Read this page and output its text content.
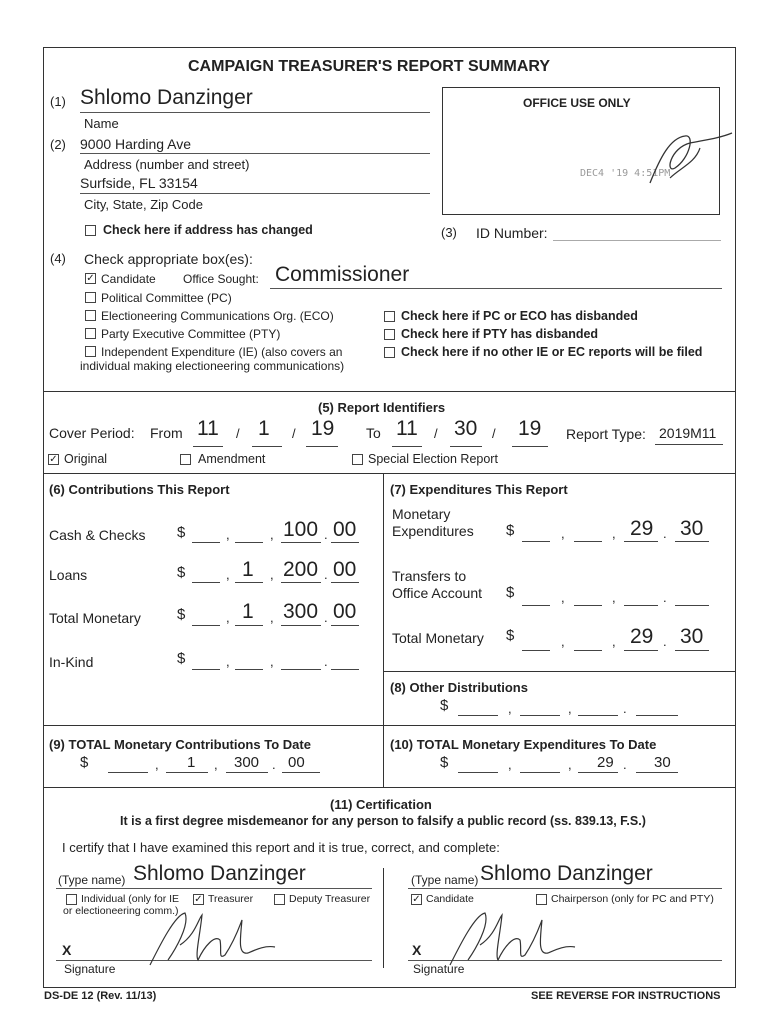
CAMPAIGN TREASURER'S REPORT SUMMARY
(1) Shlomo Danzinger
Name
(2) 9000 Harding Ave
Address (number and street)
Surfside, FL 33154
City, State, Zip Code
Check here if address has changed
OFFICE USE ONLY
DEC4 '19 4:51PM
(3) ID Number:
(4) Check appropriate box(es):
✓ Candidate Office Sought: Commissioner
Political Committee (PC)
Electioneering Communications Org. (ECO)
Party Executive Committee (PTY)
Independent Expenditure (IE) (also covers an
individual making electioneering communications)
Check here if PC or ECO has disbanded
Check here if PTY has disbanded
Check here if no other IE or EC reports will be filed
(5) Report Identifiers
Cover Period: From 11 / 1 / 19 To 11 / 30 / 19 Report Type: 2019M11
✓ Original	Amendment	Special Election Report
(6) Contributions This Report
Cash & Checks $	,	, 100 . 00
Loans	$	, 1 , 200 . 00
Total Monetary $	, 1 , 300 . 00
In-Kind	$	,	,	.
(7) Expenditures This Report
Monetary
Expenditures $	,	, 29 . 30
Transfers to
Office Account $	,	,	.
Total Monetary $	,	, 29 . 30
(8) Other Distributions
$	,	,	.
(9) TOTAL Monetary Contributions To Date
$	, 1 , 300 . 00
(10) TOTAL Monetary Expenditures To Date
$	,	, 29 . 30
(11) Certification
It is a first degree misdemeanor for any person to falsify a public record (ss. 839.13, F.S.)
I certify that I have examined this report and it is true, correct, and complete:
(Type name) Shlomo Danzinger
Individual (only for IE
or electioneering comm.)
✓ Treasurer	Deputy Treasurer
X
Signature
(Type name) Shlomo Danzinger
✓ Candidate	Chairperson (only for PC and PTY)
X
Signature
DS-DE 12 (Rev. 11/13)	SEE REVERSE FOR INSTRUCTIONS
